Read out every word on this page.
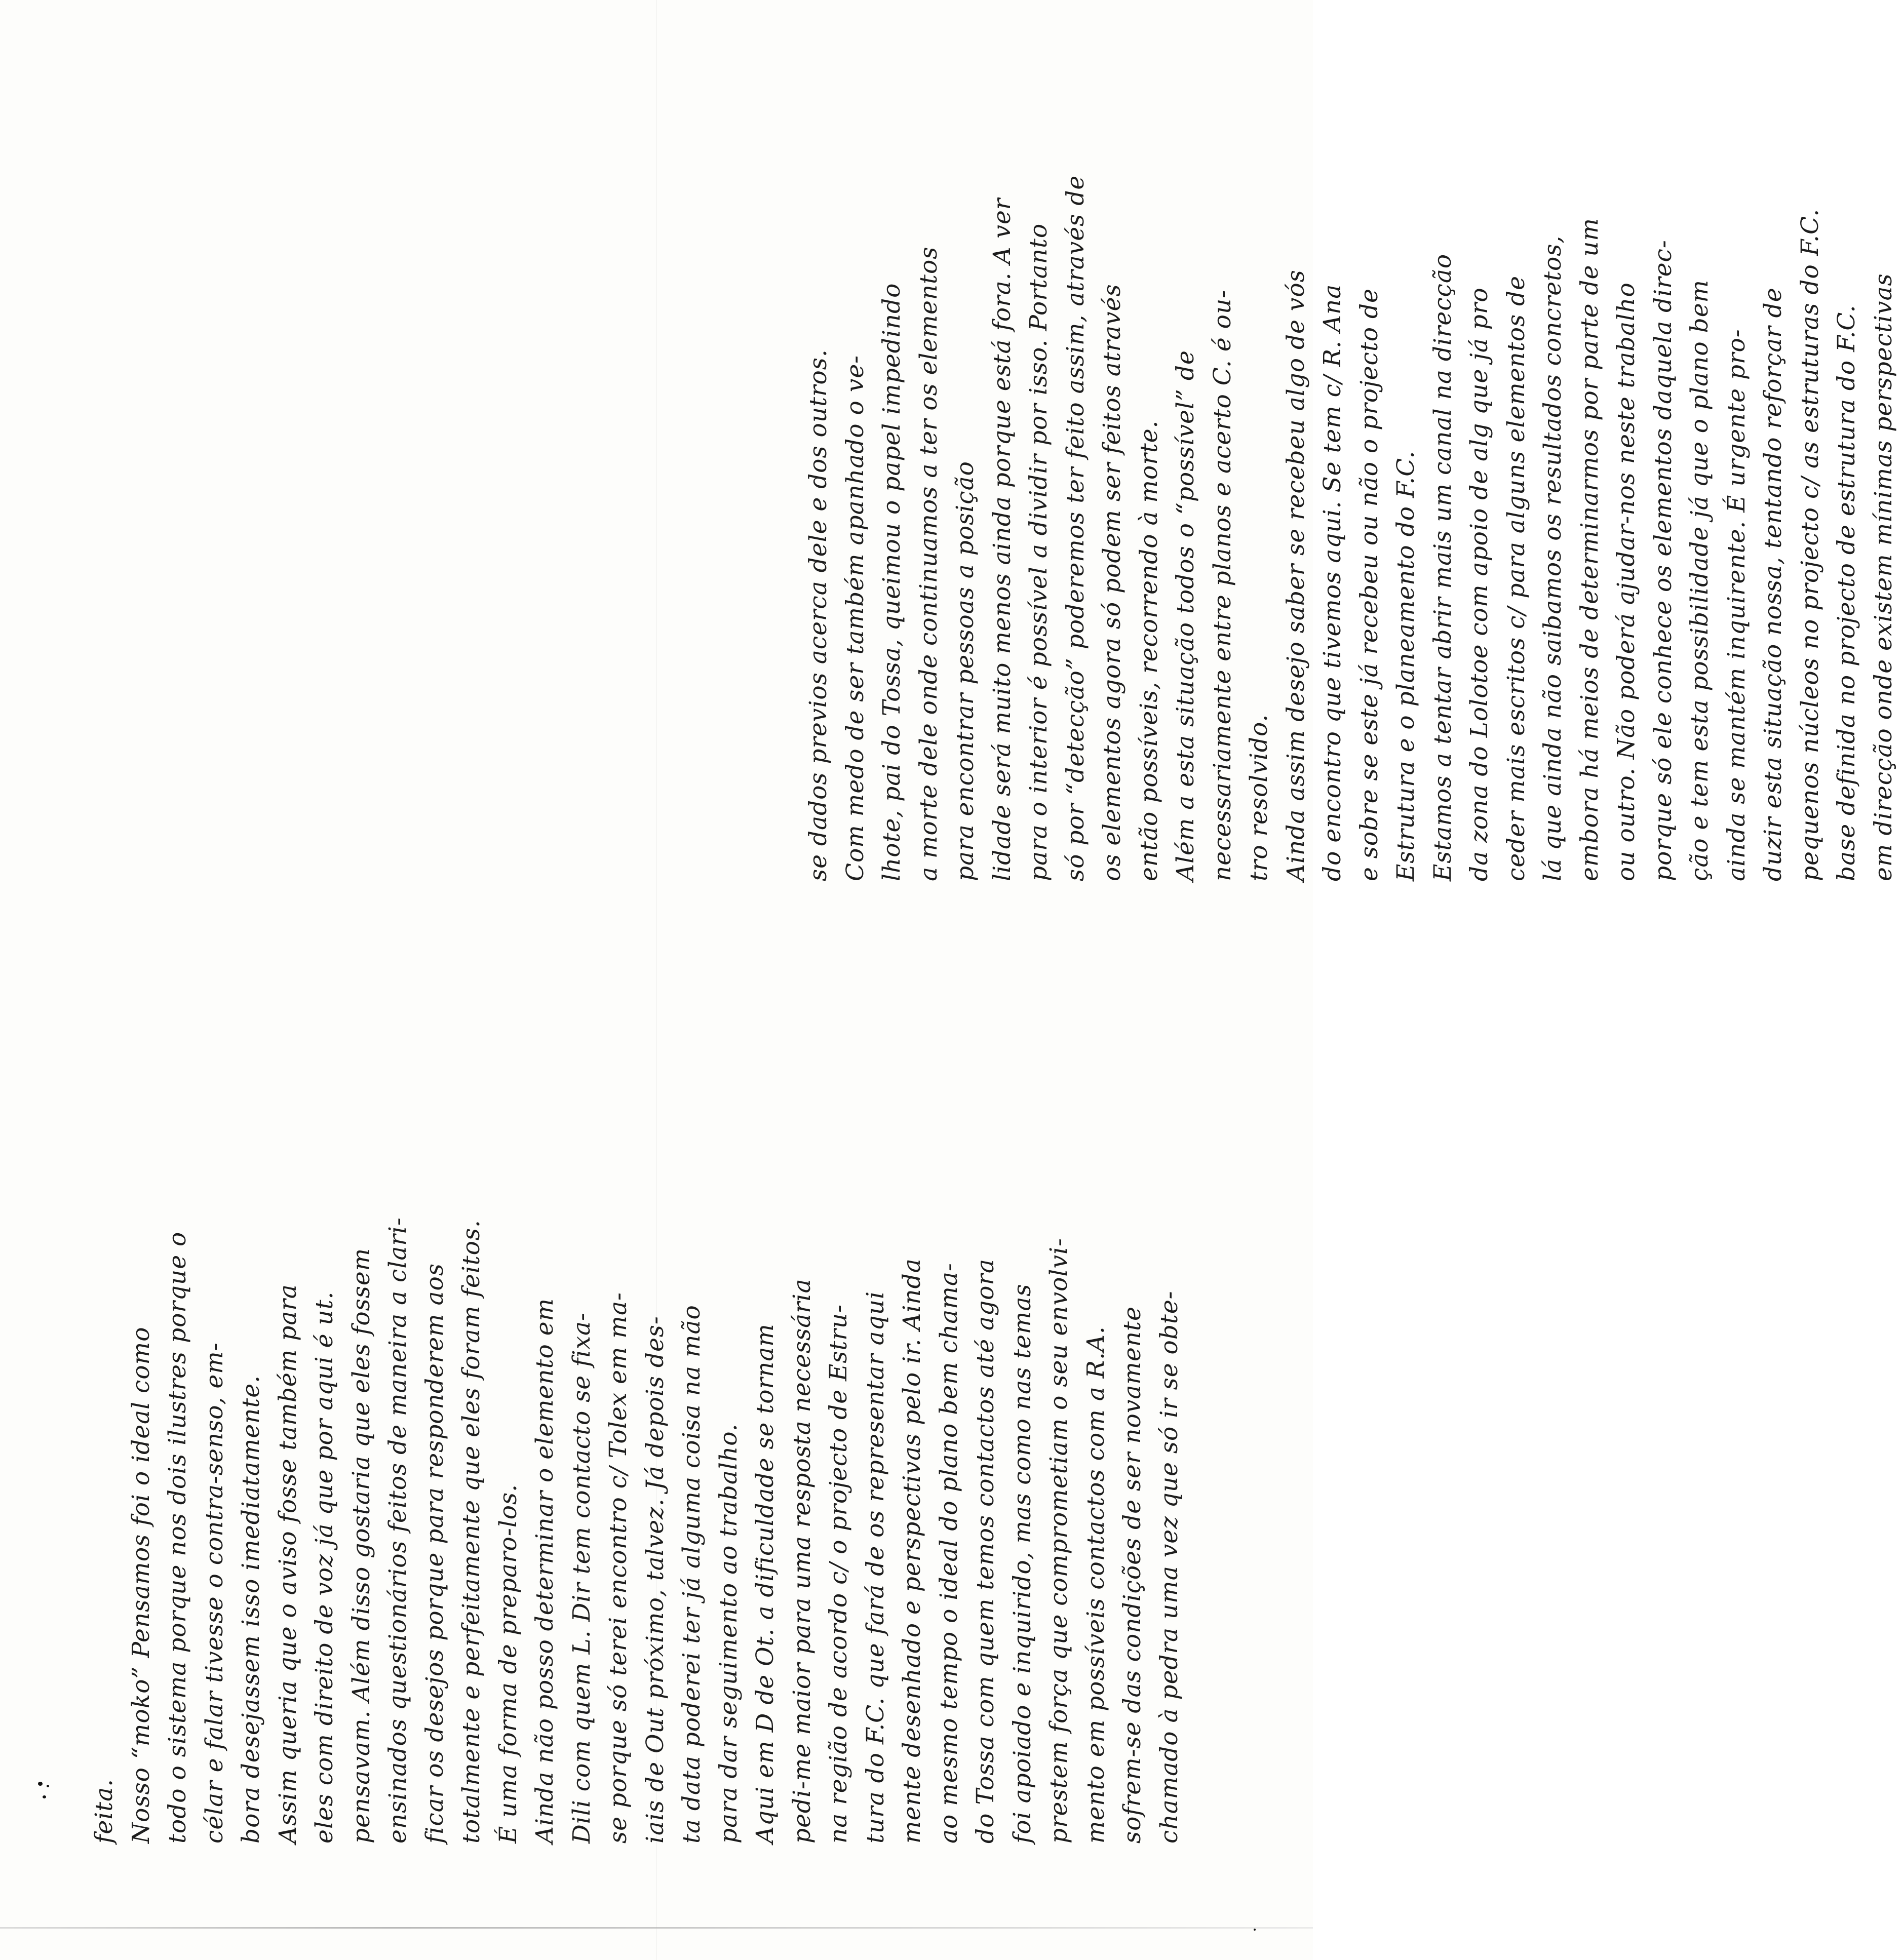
feita. Nosso “moko” Pensamos foi o ideal como todo o sistema porque nos dois ilustres porque o célar e falar tivesse o contra-senso, em- bora desejassem isso imediatamente. Assim queria que o aviso fosse também para eles com direito de voz já que por aqui é ut. pensavam. Além disso gostaria que eles fossem ensinados questionários feitos de maneira a clari- ficar os desejos porque para responderem aos totalmente e perfeitamente que eles foram feitos. É uma forma de preparo-los. Ainda não posso determinar o elemento em Dili com quem L. Dir tem contacto se fixa- se porque só terei encontro c/ Tolex em ma- iais de Out próximo, talvez. Já depois des- ta data poderei ter já alguma coisa na mão para dar seguimento ao trabalho. Aqui em D de Ot. a dificuldade se tornam pedi-me maior para uma resposta necessária na região de acordo c/ o projecto de Estru- tura do F.C. que fará de os representar aqui mente desenhado e perspectivas pelo ir. Ainda ao mesmo tempo o ideal do plano bem chama- do Tossa com quem temos contactos até agora foi apoiado e inquirido, mas como nas temas prestem força que comprometiam o seu envolvi- mento em possíveis contactos com a R.A. sofrem-se das condições de ser novamente chamado à pedra uma vez que só ir se obte-
se dados previos acerca dele e dos outros. Com medo de ser também apanhado o ve- lhote, pai do Tossa, queimou o papel impedindo a morte dele onde continuamos a ter os elementos para encontrar pessoas a posição lidade será muito menos ainda porque está fora. A ver para o interior é possível a dividir por isso. Portanto só por “detecção” poderemos ter feito assim, através de os elementos agora só podem ser feitos através então possíveis, recorrendo à morte. Além a esta situação todos o “possível” de necessariamente entre planos e acerto C. é ou- tro resolvido. Ainda assim desejo saber se recebeu algo de vós do encontro que tivemos aqui. Se tem c/ R. Ana e sobre se este já recebeu ou não o projecto de Estrutura e o planeamento do F.C. Estamos a tentar abrir mais um canal na direcção da zona do Lolotoe com apoio de alg que já pro ceder mais escritos c/ para alguns elementos de lá que ainda não saibamos os resultados concretos, embora há meios de determinarmos por parte de um ou outro. Não poderá ajudar-nos neste trabalho porque só ele conhece os elementos daquela direc- ção e tem esta possibilidade já que o plano bem ainda se mantém inquirente. É urgente pro- duzir esta situação nossa, tentando reforçar de pequenos núcleos no projecto c/ as estruturas do F.C. base definida no projecto de estrutura do F.C. em direcção onde existem mínimas perspectivas
